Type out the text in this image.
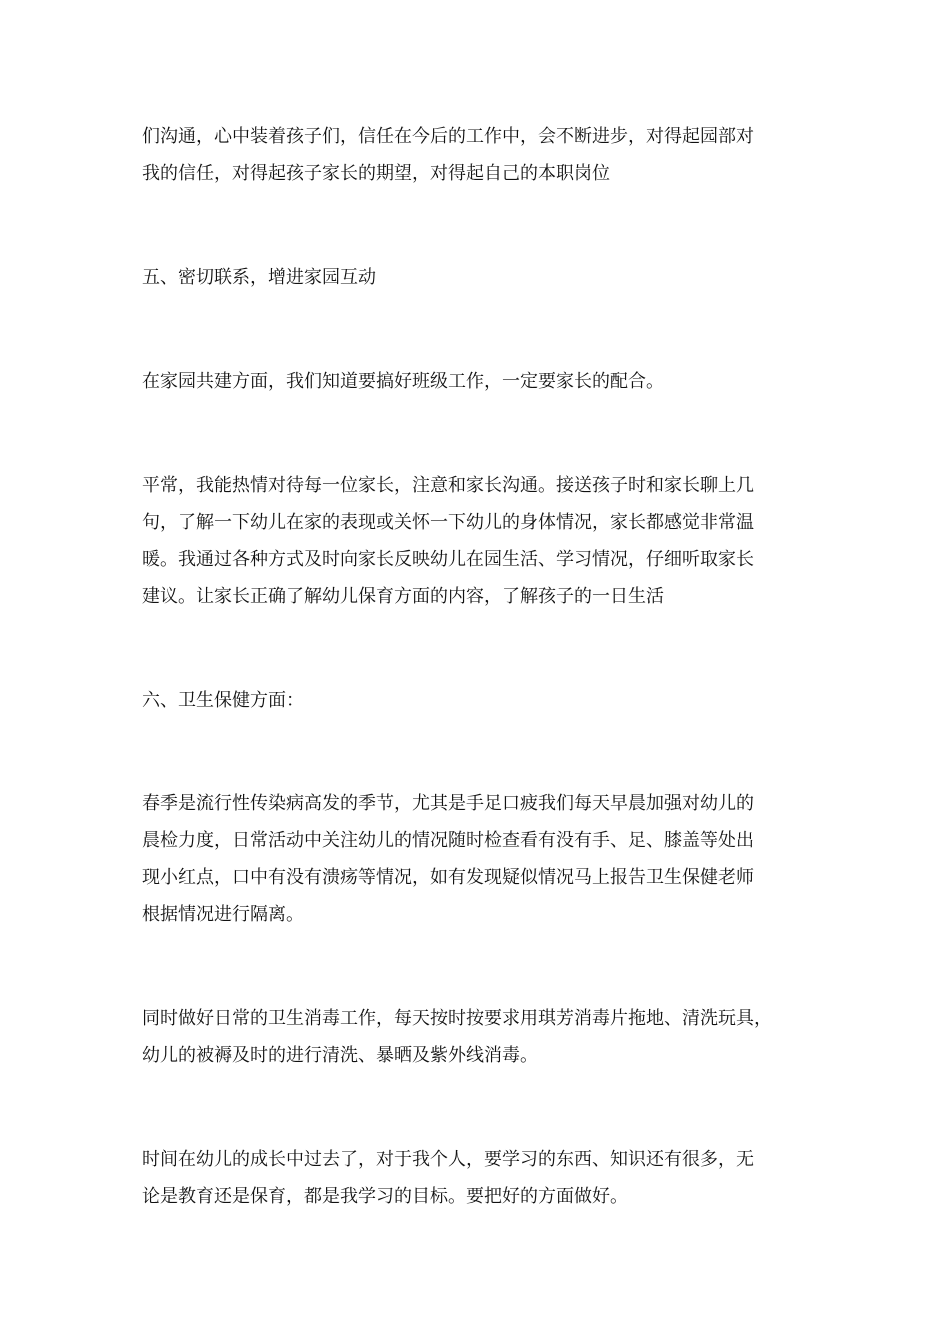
们沟通，心中装着孩子们，信任在今后的工作中，会不断进步，对得起园部对
我的信任，对得起孩子家长的期望，对得起自己的本职岗位
五、密切联系，增进家园互动
在家园共建方面，我们知道要搞好班级工作，一定要家长的配合。
平常，我能热情对待每一位家长，注意和家长沟通。接送孩子时和家长聊上几
句，了解一下幼儿在家的表现或关怀一下幼儿的身体情况，家长都感觉非常温
暖。我通过各种方式及时向家长反映幼儿在园生活、学习情况，仔细听取家长
建议。让家长正确了解幼儿保育方面的内容，了解孩子的一日生活
六、卫生保健方面：
春季是流行性传染病高发的季节，尤其是手足口疲我们每天早晨加强对幼儿的
晨检力度，日常活动中关注幼儿的情况随时检查看有没有手、足、膝盖等处出
现小红点，口中有没有溃疡等情况，如有发现疑似情况马上报告卫生保健老师
根据情况进行隔离。
同时做好日常的卫生消毒工作，每天按时按要求用琪芳消毒片拖地、清洗玩具，
幼儿的被褥及时的进行清洗、暴晒及紫外线消毒。
时间在幼儿的成长中过去了，对于我个人，要学习的东西、知识还有很多，无
论是教育还是保育，都是我学习的目标。要把好的方面做好。
